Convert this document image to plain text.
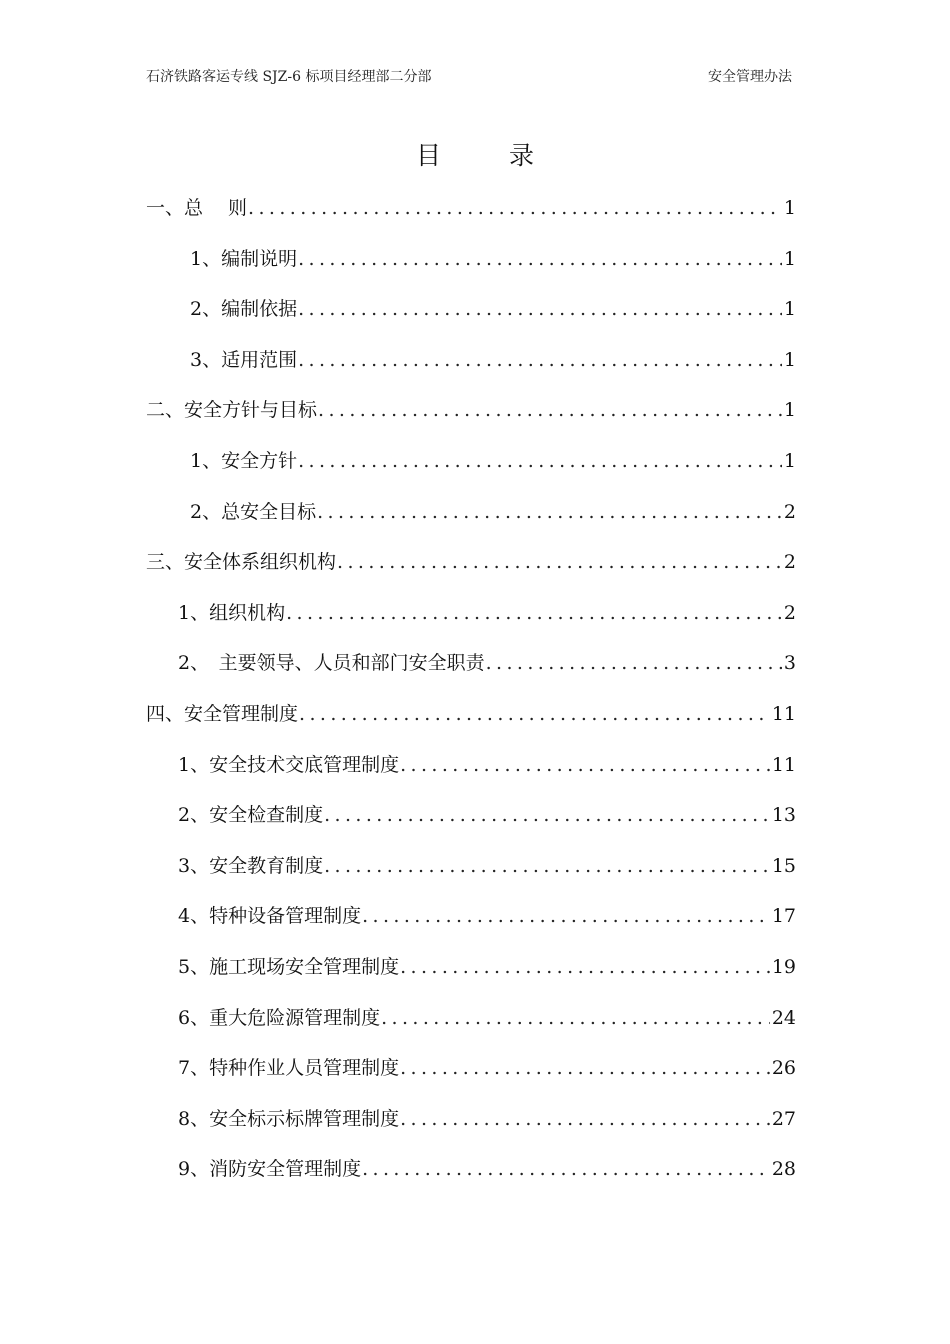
石济铁路客运专线 SJZ-6 标项目经理部二分部	安全管理办法
目 录
一、总　 则 .....	1
1、编制说明 .....	1
2、编制依据 .....	1
3、适用范围 .....	1
二、安全方针与目标 .....	1
1、安全方针 .....	1
2、总安全目标 .....	2
三、安全体系组织机构 .....	2
1、组织机构 .....	2
2、　主要领导、人员和部门安全职责 .....	3
四、安全管理制度 .....	11
1、安全技术交底管理制度 .....	11
2、安全检查制度 .....	13
3、安全教育制度 .....	15
4、特种设备管理制度 .....	17
5、施工现场安全管理制度 .....	19
6、重大危险源管理制度 .....	24
7、特种作业人员管理制度 .....	26
8、安全标示标牌管理制度 .....	27
9、消防安全管理制度 .....	28
